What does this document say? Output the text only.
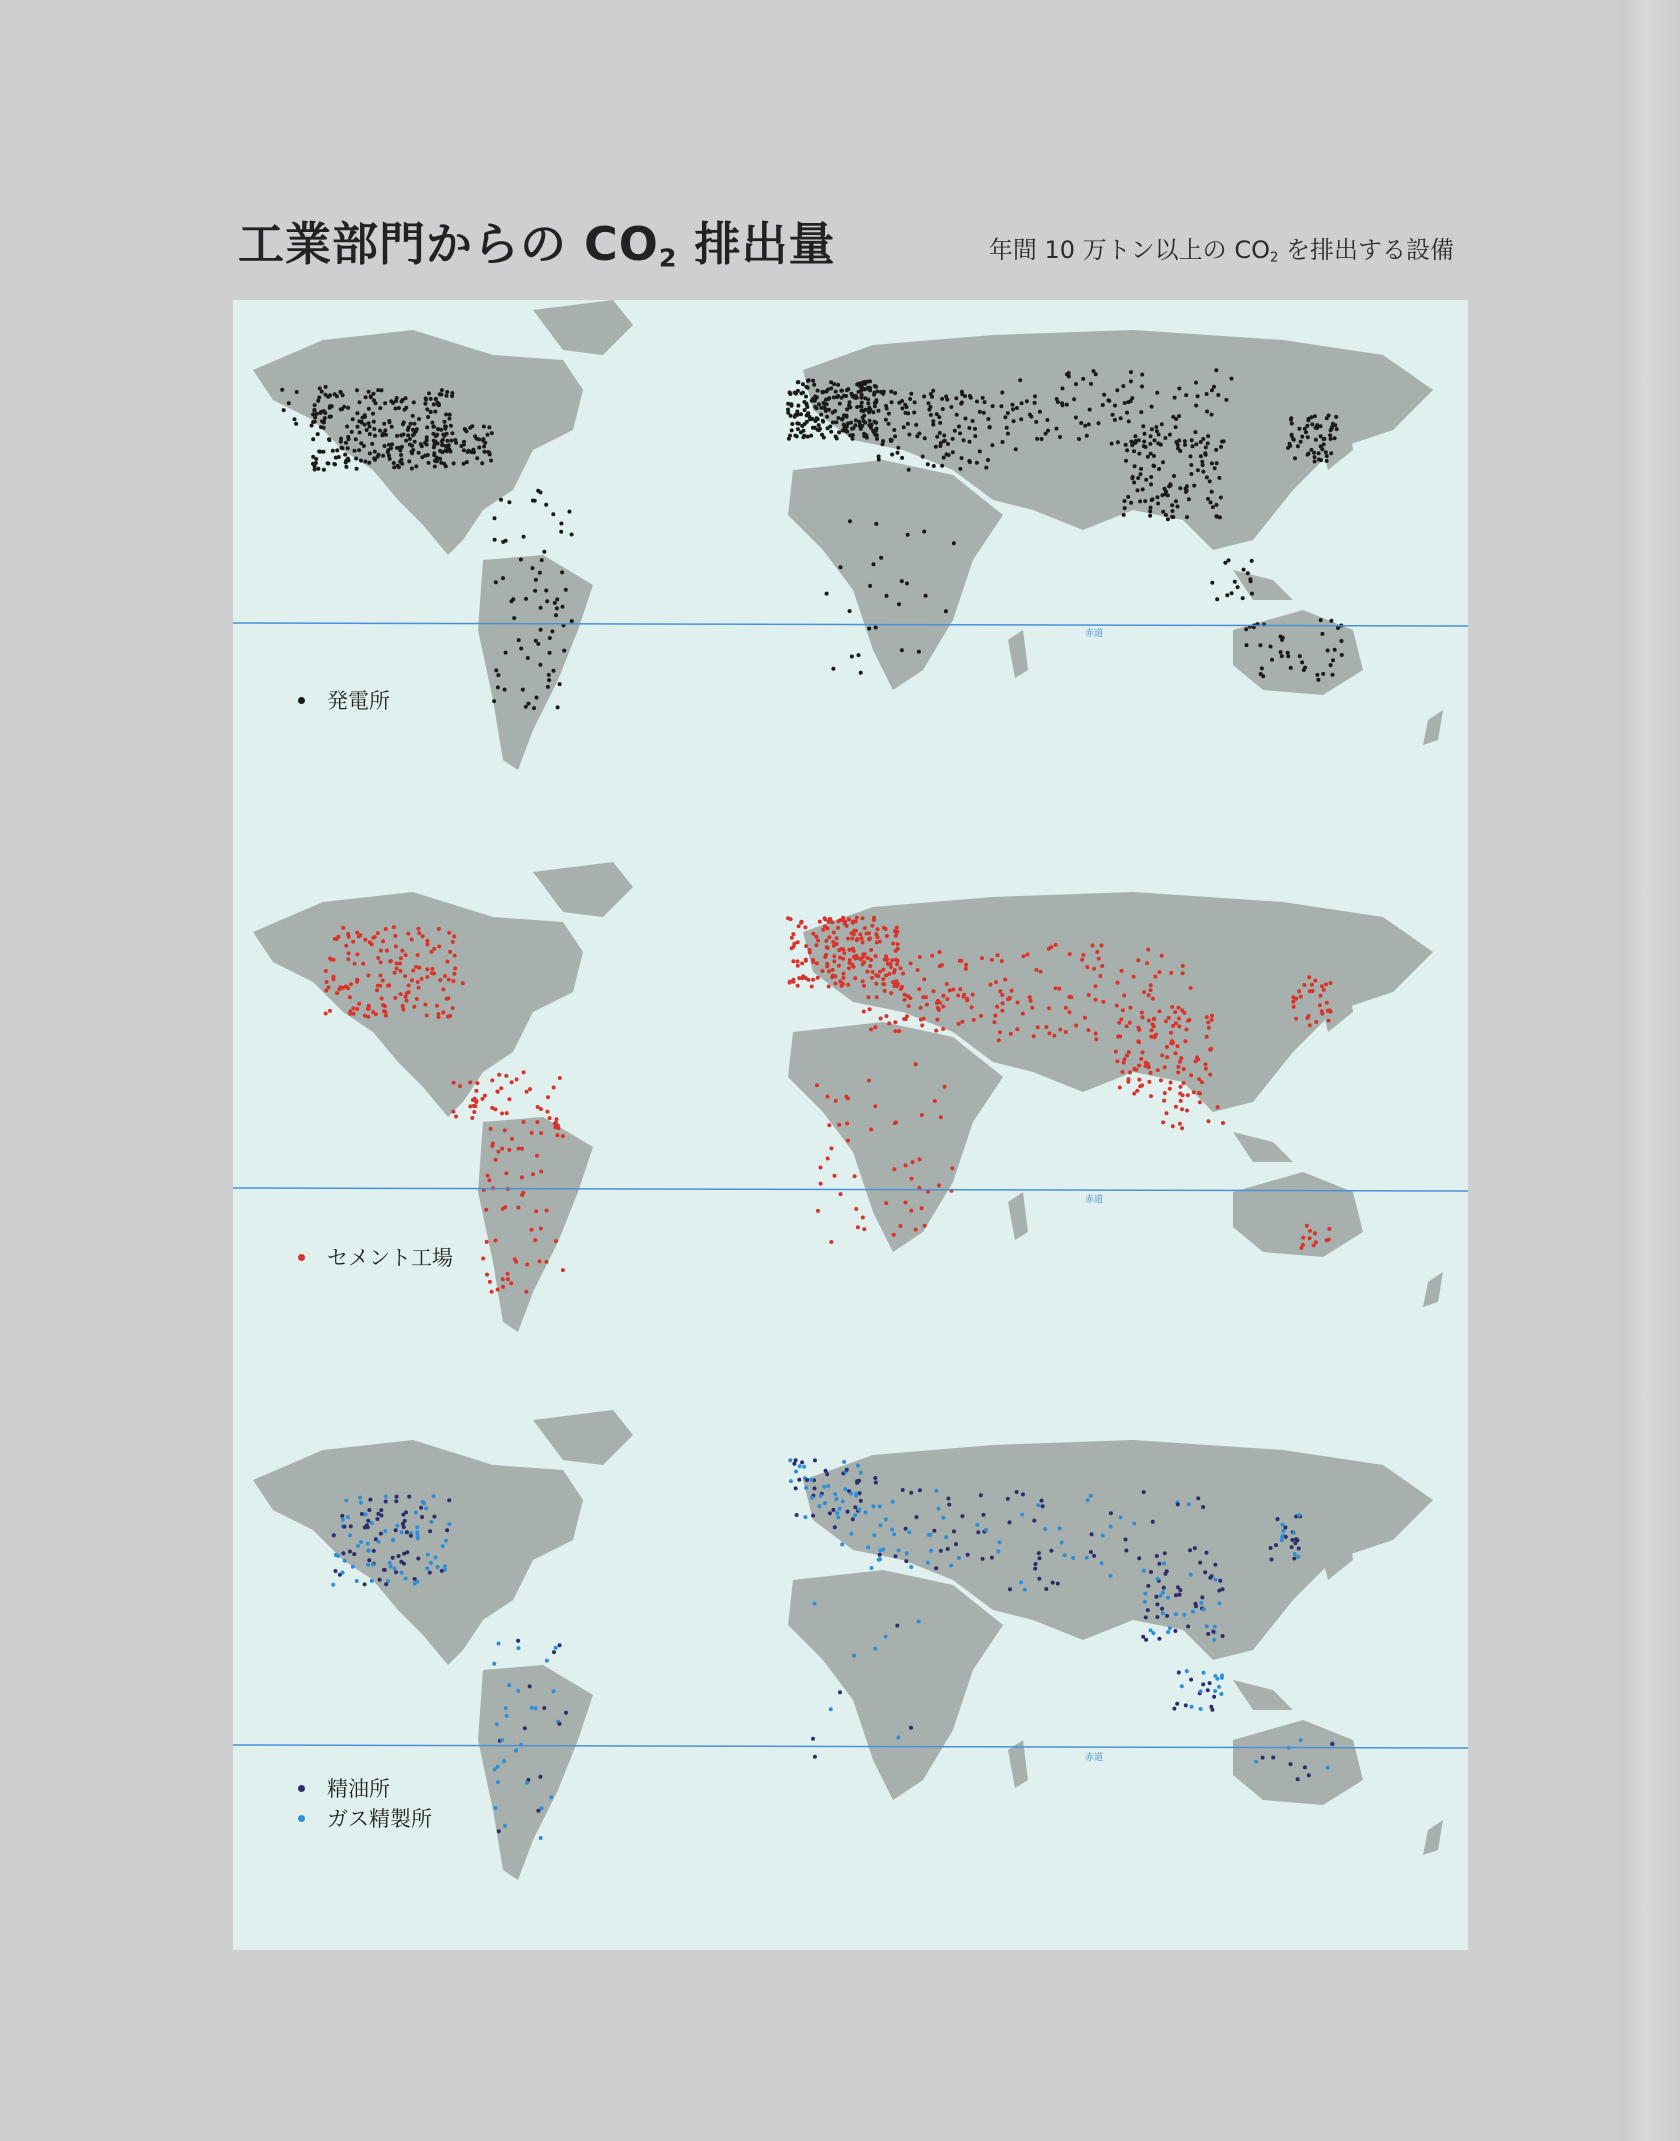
工業部門からの $CO_2$ 排出量	年間 10 万トン以上の $CO_2$ を排出する設備
赤道
発電所
赤道
セメント工場
赤道
精油所
ガス精製所
